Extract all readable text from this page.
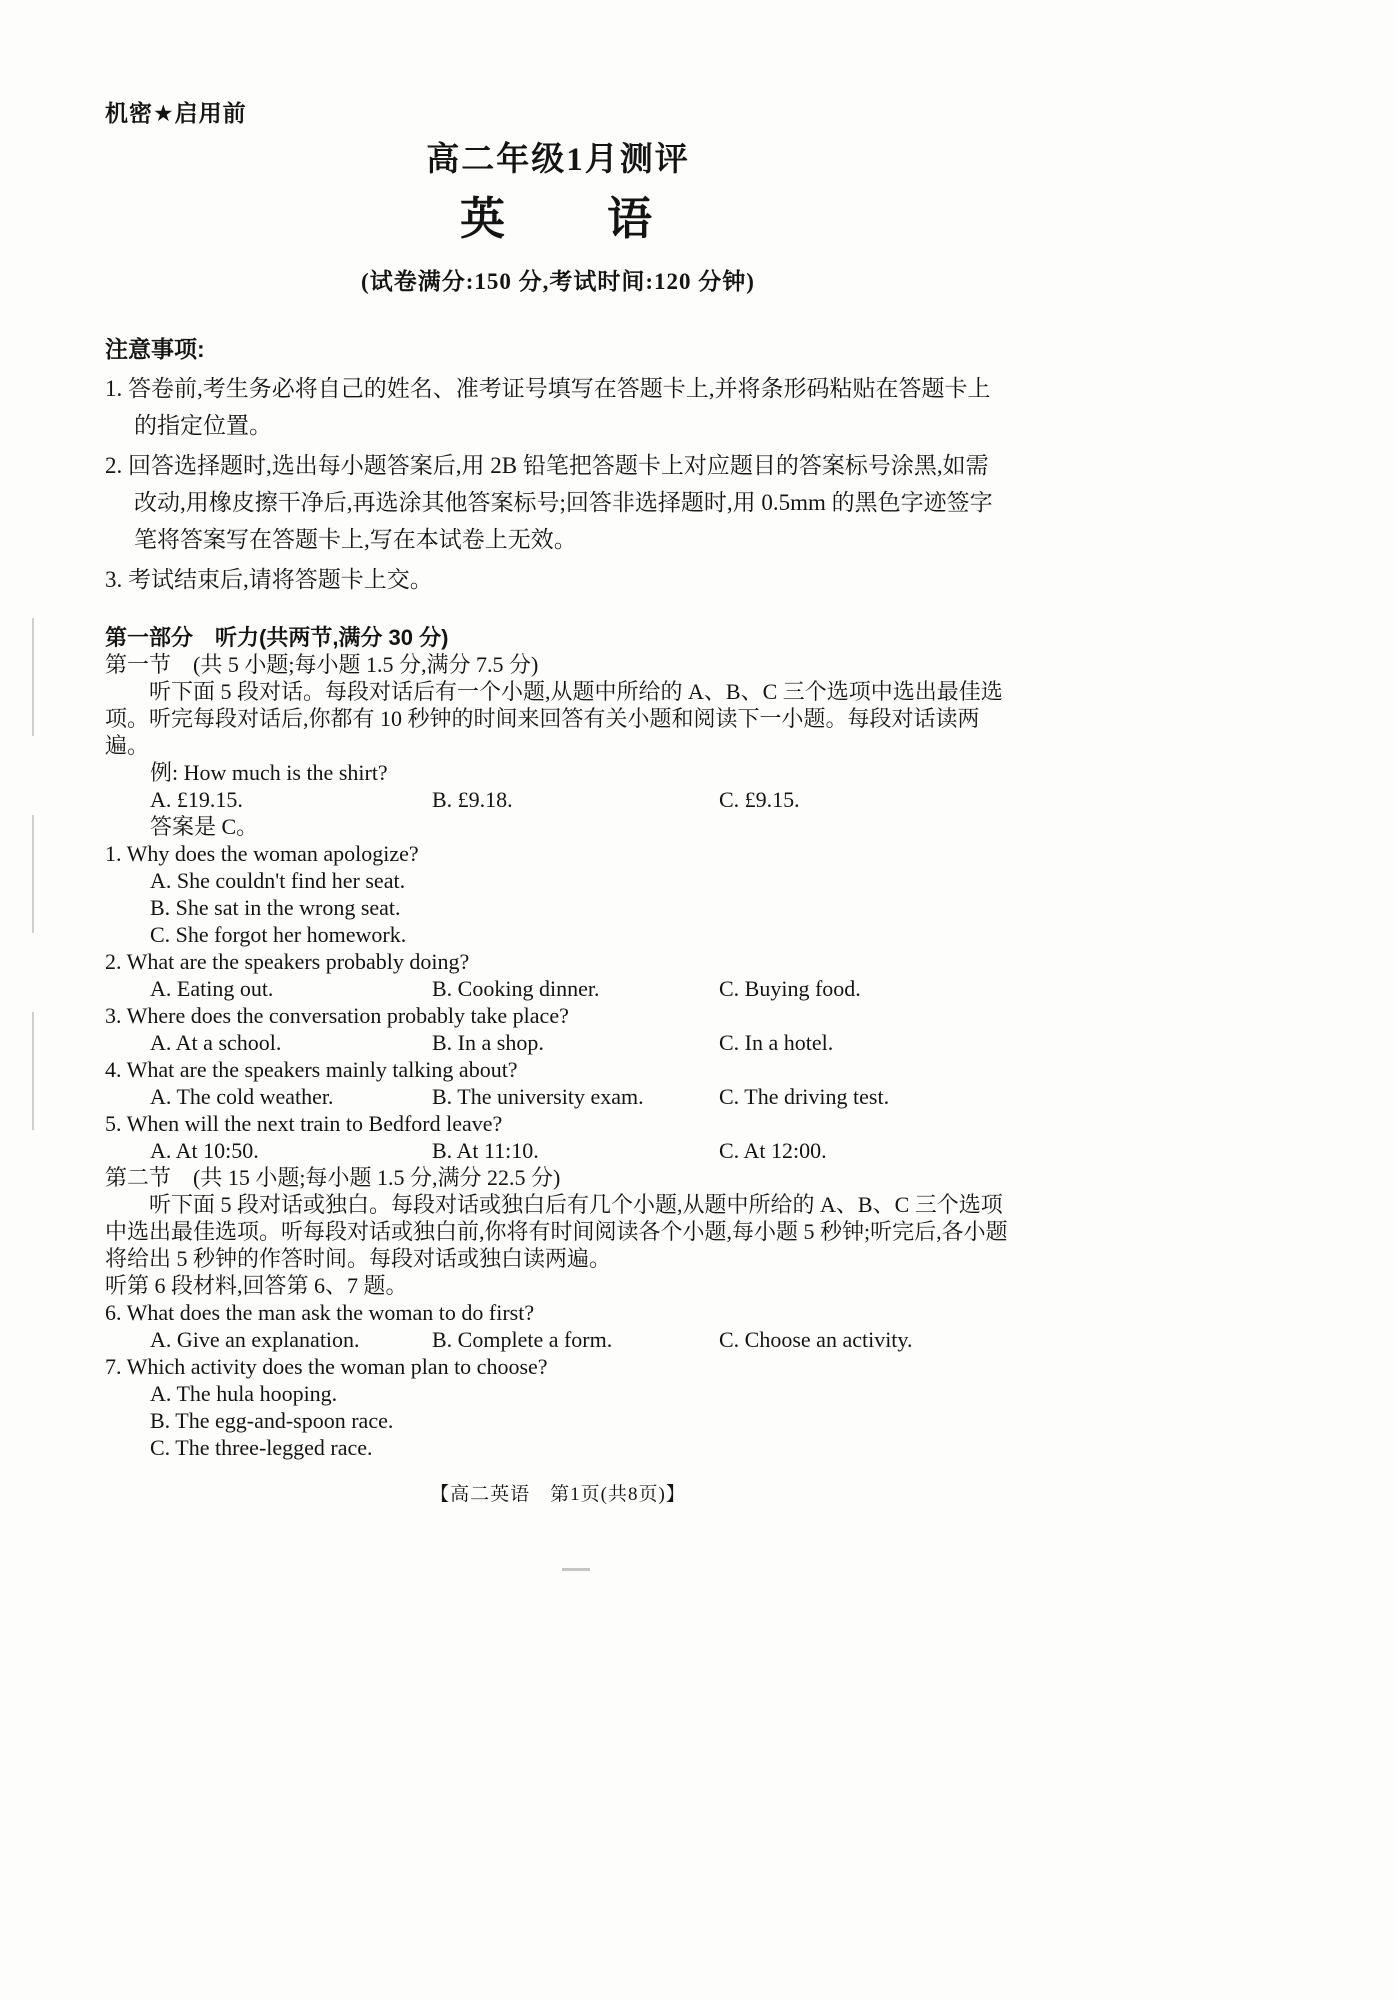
机密★启用前
高二年级1月测评
英　　语
(试卷满分:150 分,考试时间:120 分钟)
注意事项:

1. 答卷前,考生务必将自己的姓名、准考证号填写在答题卡上,并将条形码粘贴在答题卡上的指定位置。

2. 回答选择题时,选出每小题答案后,用 2B 铅笔把答题卡上对应题目的答案标号涂黑,如需改动,用橡皮擦干净后,再选涂其他答案标号;回答非选择题时,用 0.5mm 的黑色字迹签字笔将答案写在答题卡上,写在本试卷上无效。

3. 考试结束后,请将答题卡上交。

第一部分　听力(共两节,满分 30 分)
第一节　(共 5 小题;每小题 1.5 分,满分 7.5 分)

听下面 5 段对话。每段对话后有一个小题,从题中所给的 A、B、C 三个选项中选出最佳选项。听完每段对话后,你都有 10 秒钟的时间来回答有关小题和阅读下一小题。每段对话读两遍。

例: How much is the shirt?
A. £19.15.	B. £9.18.	C. £9.15.
答案是 C。
1. Why does the woman apologize?
A. She couldn't find her seat.
B. She sat in the wrong seat.
C. She forgot her homework.
2. What are the speakers probably doing?
A. Eating out.	B. Cooking dinner.	C. Buying food.
3. Where does the conversation probably take place?
A. At a school.	B. In a shop.	C. In a hotel.
4. What are the speakers mainly talking about?
A. The cold weather.	B. The university exam.	C. The driving test.
5. When will the next train to Bedford leave?
A. At 10:50.	B. At 11:10.	C. At 12:00.
第二节　(共 15 小题;每小题 1.5 分,满分 22.5 分)

听下面 5 段对话或独白。每段对话或独白后有几个小题,从题中所给的 A、B、C 三个选项中选出最佳选项。听每段对话或独白前,你将有时间阅读各个小题,每小题 5 秒钟;听完后,各小题将给出 5 秒钟的作答时间。每段对话或独白读两遍。

听第 6 段材料,回答第 6、7 题。
6. What does the man ask the woman to do first?
A. Give an explanation.	B. Complete a form.	C. Choose an activity.
7. Which activity does the woman plan to choose?
A. The hula hooping.
B. The egg-and-spoon race.
C. The three-legged race.
【高二英语　第1页(共8页)】
